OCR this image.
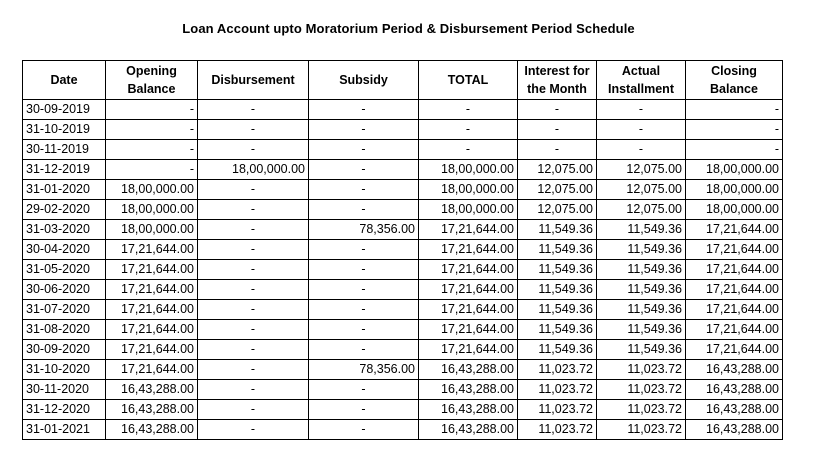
Loan Account upto Moratorium Period & Disbursement Period Schedule
Date	Opening Balance	Disbursement	Subsidy	TOTAL	Interest for the Month	Actual Installment	Closing Balance
30-09-2019	-	-	-	-	-	-	-
31-10-2019	-	-	-	-	-	-	-
30-11-2019	-	-	-	-	-	-	-
31-12-2019	-	18,00,000.00	-	18,00,000.00	12,075.00	12,075.00	18,00,000.00
31-01-2020	18,00,000.00	-	-	18,00,000.00	12,075.00	12,075.00	18,00,000.00
29-02-2020	18,00,000.00	-	-	18,00,000.00	12,075.00	12,075.00	18,00,000.00
31-03-2020	18,00,000.00	-	78,356.00	17,21,644.00	11,549.36	11,549.36	17,21,644.00
30-04-2020	17,21,644.00	-	-	17,21,644.00	11,549.36	11,549.36	17,21,644.00
31-05-2020	17,21,644.00	-	-	17,21,644.00	11,549.36	11,549.36	17,21,644.00
30-06-2020	17,21,644.00	-	-	17,21,644.00	11,549.36	11,549.36	17,21,644.00
31-07-2020	17,21,644.00	-	-	17,21,644.00	11,549.36	11,549.36	17,21,644.00
31-08-2020	17,21,644.00	-	-	17,21,644.00	11,549.36	11,549.36	17,21,644.00
30-09-2020	17,21,644.00	-	-	17,21,644.00	11,549.36	11,549.36	17,21,644.00
31-10-2020	17,21,644.00	-	78,356.00	16,43,288.00	11,023.72	11,023.72	16,43,288.00
30-11-2020	16,43,288.00	-	-	16,43,288.00	11,023.72	11,023.72	16,43,288.00
31-12-2020	16,43,288.00	-	-	16,43,288.00	11,023.72	11,023.72	16,43,288.00
31-01-2021	16,43,288.00	-	-	16,43,288.00	11,023.72	11,023.72	16,43,288.00
